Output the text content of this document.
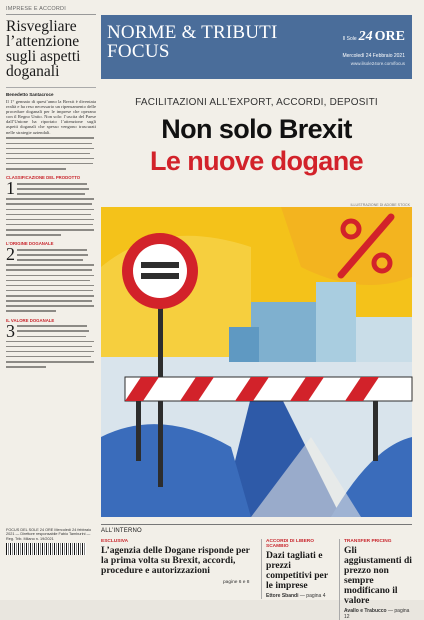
IMPRESE E ACCORDI
Risvegliare l’attenzione sugli aspetti doganali
Benedetto Santacroce
Il 1° gennaio di quest’anno la Brexit è diventata realtà e ha reso necessario un ripensamento delle procedure doganali per le imprese che operano con il Regno Unito. Non solo: l’uscita del Paese dall’Unione ha riportato l’attenzione sugli aspetti doganali che spesso vengono trascurati nelle strategie aziendali.
CLASSIFICAZIONE DEL PRODOTTO
1
L’ORIGINE DOGANALE
2
IL VALORE DOGANALE
3
FOCUS DEL SOLE 24 ORE Mercoledì 24 febbraio 2021 — Direttore responsabile Fabio Tamburini — Reg. Trib. Milano n. 19/2021
NORME & TRIBUTI
FOCUS
Il Sole 24 ORE
Mercoledì 24 Febbraio 2021
www.ilsole24ore.com/focus
FACILITAZIONI ALL’EXPORT, ACCORDI, DEPOSITI
Non solo Brexit
Le nuove dogane
ILLUSTRAZIONE DI ADOBE STOCK
ALL’INTERNO
ESCLUSIVA
L’agenzia delle Dogane risponde per la prima volta su Brexit, accordi, procedure e autorizzazioni
pagine 6 e 8
ACCORDI DI LIBERO SCAMBIO
Dazi tagliati e prezzi competitivi per le imprese
Ettore Sbandi — pagina 4
TRANSFER PRICING
Gli aggiustamenti di prezzo non sempre modificano il valore
Avallo e Trabucco — pagina 12
